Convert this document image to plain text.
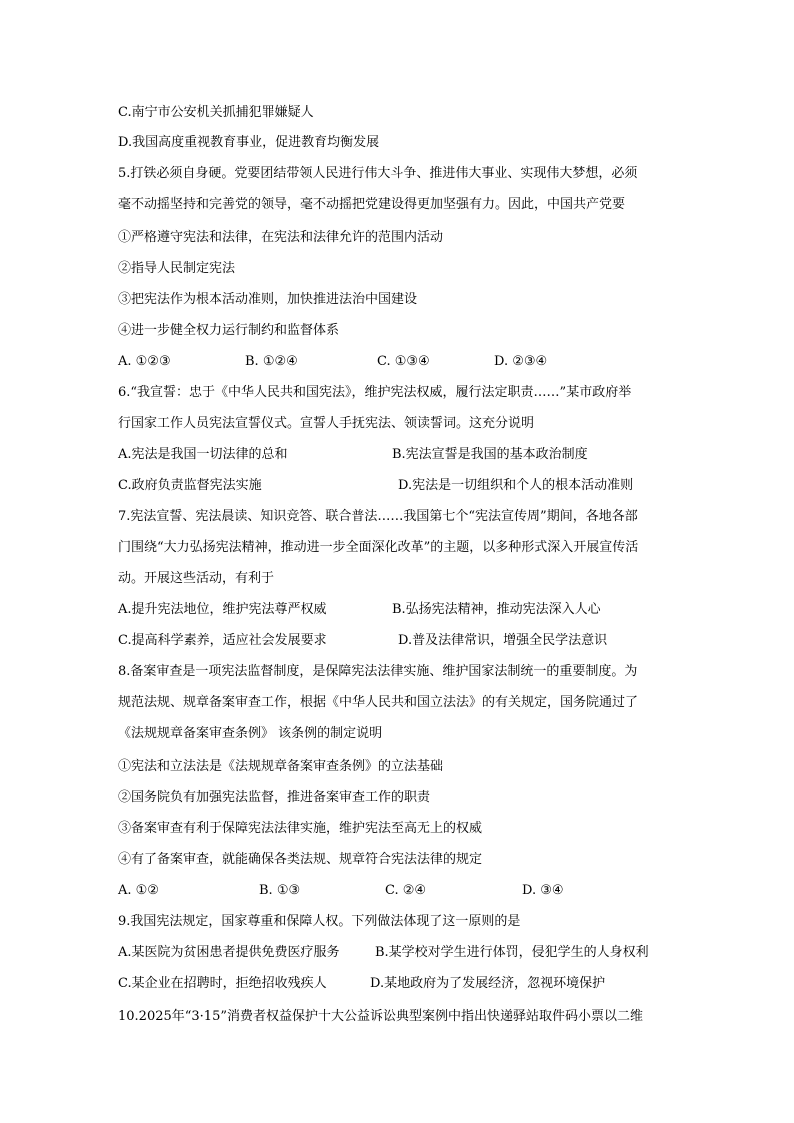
C.南宁市公安机关抓捕犯罪嫌疑人
D.我国高度重视教育事业，促进教育均衡发展
5.打铁必须自身硬。党要团结带领人民进行伟大斗争、推进伟大事业、实现伟大梦想，必须
毫不动摇坚持和完善党的领导，毫不动摇把党建设得更加坚强有力。因此，中国共产党要
①严格遵守宪法和法律，在宪法和法律允许的范围内活动
②指导人民制定宪法
③把宪法作为根本活动准则，加快推进法治中国建设
④进一步健全权力运行制约和监督体系
A. ①②③	B. ①②④	C. ①③④	D. ②③④
6.“我宣誓：忠于《中华人民共和国宪法》，维护宪法权威，履行法定职责……”某市政府举
行国家工作人员宪法宣誓仪式。宣誓人手抚宪法、领读誓词。这充分说明
A.宪法是我国一切法律的总和	B.宪法宣誓是我国的基本政治制度
C.政府负责监督宪法实施	D.宪法是一切组织和个人的根本活动准则
7.宪法宣誓、宪法晨读、知识竞答、联合普法……我国第七个“宪法宣传周”期间，各地各部
门围绕“大力弘扬宪法精神，推动进一步全面深化改革”的主题，以多种形式深入开展宣传活
动。开展这些活动，有利于
A.提升宪法地位，维护宪法尊严权威	B.弘扬宪法精神，推动宪法深入人心
C.提高科学素养，适应社会发展要求	D.普及法律常识，增强全民学法意识
8.备案审查是一项宪法监督制度，是保障宪法法律实施、维护国家法制统一的重要制度。为
规范法规、规章备案审查工作，根据《中华人民共和国立法法》的有关规定，国务院通过了
《法规规章备案审查条例》 该条例的制定说明
①宪法和立法法是《法规规章备案审查条例》的立法基础
②国务院负有加强宪法监督，推进备案审查工作的职责
③备案审查有利于保障宪法法律实施，维护宪法至高无上的权威
④有了备案审查，就能确保各类法规、规章符合宪法法律的规定
A. ①②	B. ①③	C. ②④	D. ③④
9.我国宪法规定，国家尊重和保障人权。下列做法体现了这一原则的是
A.某医院为贫困患者提供免费医疗服务	B.某学校对学生进行体罚，侵犯学生的人身权利
C.某企业在招聘时，拒绝招收残疾人	D.某地政府为了发展经济，忽视环境保护
10.2025年“3·15”消费者权益保护十大公益诉讼典型案例中指出快递驿站取件码小票以二维
